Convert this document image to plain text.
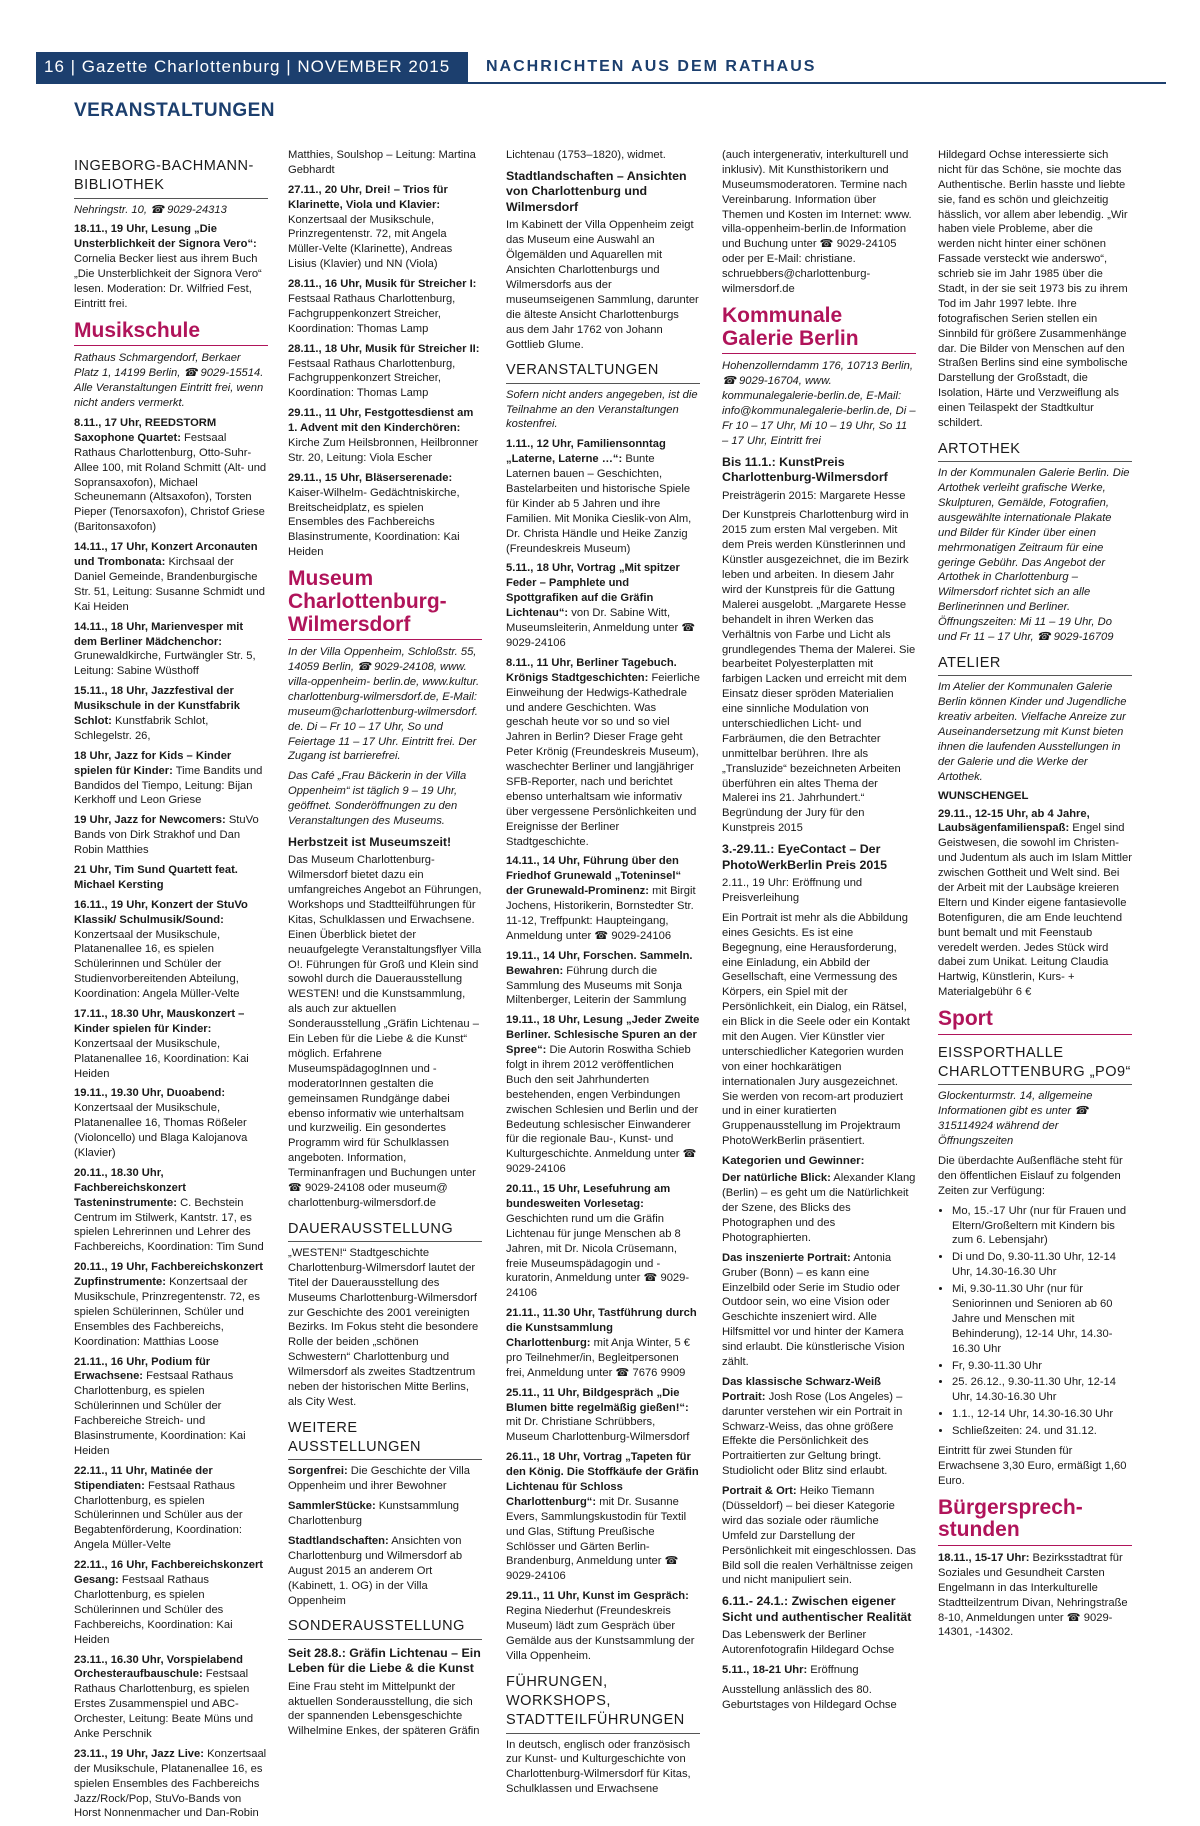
16 | Gazette Charlottenburg | NOVEMBER 2015	NACHRICHTEN AUS DEM RATHAUS
VERANSTALTUNGEN
INGEBORG-BACHMANN-BIBLIOTHEK

Nehringstr. 10, ☎ 9029-24313

18.11., 19 Uhr, Lesung „Die Unsterblichkeit der Signora Vero“: Cornelia Becker liest aus ihrem Buch „Die Unsterblichkeit der Signora Vero“ lesen. Moderation: Dr. Wilfried Fest, Eintritt frei.

Musikschule

Rathaus Schmargendorf, Berkaer Platz 1, 14199 Berlin, ☎ 9029-15514. Alle Veranstaltungen Eintritt frei, wenn nicht anders vermerkt.

8.11., 17 Uhr, REEDSTORM Saxophone Quartet: Festsaal Rathaus Charlottenburg, Otto-Suhr-Allee 100, mit Roland Schmitt (Alt- und Sopransaxofon), Michael Scheunemann (Altsaxofon), Torsten Pieper (Tenorsaxofon), Christof Griese (Baritonsaxofon)

14.11., 17 Uhr, Konzert Arconauten und Trombonata: Kirchsaal der Daniel Gemeinde, Brandenburgische Str. 51, Leitung: Susanne Schmidt und Kai Heiden

14.11., 18 Uhr, Marienvesper mit dem Berliner Mädchenchor: Grunewaldkirche, Furtwängler Str. 5, Leitung: Sabine Wüsthoff

15.11., 18 Uhr, Jazzfestival der Musikschule in der Kunstfabrik Schlot: Kunstfabrik Schlot, Schlegelstr. 26,

18 Uhr, Jazz for Kids – Kinder spielen für Kinder: Time Bandits und Bandidos del Tiempo, Leitung: Bijan Kerkhoff und Leon Griese

19 Uhr, Jazz for Newcomers: StuVo Bands von Dirk Strakhof und Dan Robin Matthies

21 Uhr, Tim Sund Quartett feat. Michael Kersting

16.11., 19 Uhr, Konzert der StuVo Klassik/ Schulmusik/Sound: Konzertsaal der Musikschule, Platanenallee 16, es spielen Schülerinnen und Schüler der Studienvorbereitenden Abteilung, Koordination: Angela Müller-Velte

17.11., 18.30 Uhr, Mauskonzert – Kinder spielen für Kinder: Konzertsaal der Musikschule, Platanenallee 16, Koordination: Kai Heiden

19.11., 19.30 Uhr, Duoabend: Konzertsaal der Musikschule, Platanenallee 16, Thomas Rößeler (Violoncello) und Blaga Kalojanova (Klavier)

20.11., 18.30 Uhr, Fachbereichskonzert Tasteninstrumente: C. Bechstein Centrum im Stilwerk, Kantstr. 17, es spielen Lehrerinnen und Lehrer des Fachbereichs, Koordination: Tim Sund

20.11., 19 Uhr, Fachbereichskonzert Zupfinstrumente: Konzertsaal der Musikschule, Prinzregentenstr. 72, es spielen Schülerinnen, Schüler und Ensembles des Fachbereichs, Koordination: Matthias Loose

21.11., 16 Uhr, Podium für Erwachsene: Festsaal Rathaus Charlottenburg, es spielen Schülerinnen und Schüler der Fachbereiche Streich- und Blasinstrumente, Koordination: Kai Heiden

22.11., 11 Uhr, Matinée der Stipendiaten: Festsaal Rathaus Charlottenburg, es spielen Schülerinnen und Schüler aus der Begabtenförderung, Koordination: Angela Müller-Velte

22.11., 16 Uhr, Fachbereichskonzert Gesang: Festsaal Rathaus Charlottenburg, es spielen Schülerinnen und Schüler des Fachbereichs, Koordination: Kai Heiden

23.11., 16.30 Uhr, Vorspielabend Orchesteraufbauschule: Festsaal Rathaus Charlottenburg, es spielen Erstes Zusammenspiel und ABC-Orchester, Leitung: Beate Müns und Anke Perschnik

23.11., 19 Uhr, Jazz Live: Konzertsaal der Musikschule, Platanenallee 16, es spielen Ensembles des Fachbereichs Jazz/Rock/Pop, StuVo-Bands von Horst Nonnenmacher und Dan-Robin

Matthies, Soulshop – Leitung: Martina Gebhardt

27.11., 20 Uhr, Drei! – Trios für Klarinette, Viola und Klavier: Konzertsaal der Musikschule, Prinzregentenstr. 72, mit Angela Müller-Velte (Klarinette), Andreas Lisius (Klavier) und NN (Viola)

28.11., 16 Uhr, Musik für Streicher I: Festsaal Rathaus Charlottenburg, Fachgruppenkonzert Streicher, Koordination: Thomas Lamp

28.11., 18 Uhr, Musik für Streicher II: Festsaal Rathaus Charlottenburg, Fachgruppenkonzert Streicher, Koordination: Thomas Lamp

29.11., 11 Uhr, Festgottesdienst am 1. Advent mit den Kinderchören: Kirche Zum Heilsbronnen, Heilbronner Str. 20, Leitung: Viola Escher

29.11., 15 Uhr, Bläserserenade: Kaiser-Wilhelm- Gedächtniskirche, Breitscheidplatz, es spielen Ensembles des Fachbereichs Blasinstrumente, Koordination: Kai Heiden

Museum Charlottenburg-Wilmersdorf

In der Villa Oppenheim, Schloßstr. 55, 14059 Berlin, ☎ 9029-24108, www. villa-oppenheim- berlin.de, www.kultur. charlottenburg-wilmersdorf.de, E-Mail: museum@charlottenburg-wilmersdorf. de. Di – Fr 10 – 17 Uhr, So und Feiertage 11 – 17 Uhr. Eintritt frei. Der Zugang ist barrierefrei.

Das Café „Frau Bäckerin in der Villa Oppenheim“ ist täglich 9 – 19 Uhr, geöffnet. Sonderöffnungen zu den Veranstaltungen des Museums.

Herbstzeit ist Museumszeit!

Das Museum Charlottenburg-Wilmersdorf bietet dazu ein umfangreiches Angebot an Führungen, Workshops und Stadtteilführungen für Kitas, Schulklassen und Erwachsene. Einen Überblick bietet der neuaufgelegte Veranstaltungsflyer Villa O!. Führungen für Groß und Klein sind sowohl durch die Dauerausstellung WESTEN! und die Kunstsammlung, als auch zur aktuellen Sonderausstellung „Gräfin Lichtenau – Ein Leben für die Liebe & die Kunst“ möglich. Erfahrene MuseumspädagogInnen und -moderatorInnen gestalten die gemeinsamen Rundgänge dabei ebenso informativ wie unterhaltsam und kurzweilig. Ein gesondertes Programm wird für Schulklassen angeboten. Information, Terminanfragen und Buchungen unter ☎ 9029-24108 oder museum@ charlottenburg-wilmersdorf.de

DAUERAUSSTELLUNG

„WESTEN!“ Stadtgeschichte Charlottenburg-Wilmersdorf lautet der Titel der Dauerausstellung des Museums Charlottenburg-Wilmersdorf zur Geschichte des 2001 vereinigten Bezirks. Im Fokus steht die besondere Rolle der beiden „schönen Schwestern“ Charlottenburg und Wilmersdorf als zweites Stadtzentrum neben der historischen Mitte Berlins, als City West.

WEITERE AUSSTELLUNGEN

Sorgenfrei: Die Geschichte der Villa Oppenheim und ihrer Bewohner

SammlerStücke: Kunstsammlung Charlottenburg

Stadtlandschaften: Ansichten von Charlottenburg und Wilmersdorf ab August 2015 an anderem Ort (Kabinett, 1. OG) in der Villa Oppenheim

SONDERAUSSTELLUNG
Seit 28.8.: Gräfin Lichtenau – Ein Leben für die Liebe & die Kunst

Eine Frau steht im Mittelpunkt der aktuellen Sonderausstellung, die sich der spannenden Lebensgeschichte Wilhelmine Enkes, der späteren Gräfin

Lichtenau (1753–1820), widmet.

Stadtlandschaften – Ansichten von Charlottenburg und Wilmersdorf

Im Kabinett der Villa Oppenheim zeigt das Museum eine Auswahl an Ölgemälden und Aquarellen mit Ansichten Charlottenburgs und Wilmersdorfs aus der museumseigenen Sammlung, darunter die älteste Ansicht Charlottenburgs aus dem Jahr 1762 von Johann Gottlieb Glume.

VERANSTALTUNGEN

Sofern nicht anders angegeben, ist die Teilnahme an den Veranstaltungen kostenfrei.

1.11., 12 Uhr, Familiensonntag „Laterne, Laterne …“: Bunte Laternen bauen – Geschichten, Bastelarbeiten und historische Spiele für Kinder ab 5 Jahren und ihre Familien. Mit Monika Cieslik-von Alm, Dr. Christa Händle und Heike Zanzig (Freundeskreis Museum)

5.11., 18 Uhr, Vortrag „Mit spitzer Feder – Pamphlete und Spottgrafiken auf die Gräfin Lichtenau“: von Dr. Sabine Witt, Museumsleiterin, Anmeldung unter ☎ 9029-24106

8.11., 11 Uhr, Berliner Tagebuch. Krönigs Stadtgeschichten: Feierliche Einweihung der Hedwigs-Kathedrale und andere Geschichten. Was geschah heute vor so und so viel Jahren in Berlin? Dieser Frage geht Peter Krönig (Freundeskreis Museum), waschechter Berliner und langjähriger SFB-Reporter, nach und berichtet ebenso unterhaltsam wie informativ über vergessene Persönlichkeiten und Ereignisse der Berliner Stadtgeschichte.

14.11., 14 Uhr, Führung über den Friedhof Grunewald „Toteninsel“ der Grunewald-Prominenz: mit Birgit Jochens, Historikerin, Bornstedter Str. 11-12, Treffpunkt: Haupteingang, Anmeldung unter ☎ 9029-24106

19.11., 14 Uhr, Forschen. Sammeln. Bewahren: Führung durch die Sammlung des Museums mit Sonja Miltenberger, Leiterin der Sammlung

19.11., 18 Uhr, Lesung „Jeder Zweite Berliner. Schlesische Spuren an der Spree“: Die Autorin Roswitha Schieb folgt in ihrem 2012 veröffentlichen Buch den seit Jahrhunderten bestehenden, engen Verbindungen zwischen Schlesien und Berlin und der Bedeutung schlesischer Einwanderer für die regionale Bau-, Kunst- und Kulturgeschichte. Anmeldung unter ☎ 9029-24106

20.11., 15 Uhr, Lesefuhrung am bundesweiten Vorlesetag: Geschichten rund um die Gräfin Lichtenau für junge Menschen ab 8 Jahren, mit Dr. Nicola Crüsemann, freie Museumspädagogin und -kuratorin, Anmeldung unter ☎ 9029-24106

21.11., 11.30 Uhr, Tastführung durch die Kunstsammlung Charlottenburg: mit Anja Winter, 5 € pro Teilnehmer/in, Begleitpersonen frei, Anmeldung unter ☎ 7676 9909

25.11., 11 Uhr, Bildgespräch „Die Blumen bitte regelmäßig gießen!“: mit Dr. Christiane Schrübbers, Museum Charlottenburg-Wilmersdorf

26.11., 18 Uhr, Vortrag „Tapeten für den König. Die Stoffkäufe der Gräfin Lichtenau für Schloss Charlottenburg“: mit Dr. Susanne Evers, Sammlungskustodin für Textil und Glas, Stiftung Preußische Schlösser und Gärten Berlin-Brandenburg, Anmeldung unter ☎ 9029-24106

29.11., 11 Uhr, Kunst im Gespräch: Regina Niederhut (Freundeskreis Museum) lädt zum Gespräch über Gemälde aus der Kunstsammlung der Villa Oppenheim.

FÜHRUNGEN, WORKSHOPS, STADTTEILFÜHRUNGEN

In deutsch, englisch oder französisch zur Kunst- und Kulturgeschichte von Charlottenburg-Wilmersdorf für Kitas, Schulklassen und Erwachsene

(auch intergenerativ, interkulturell und inklusiv). Mit Kunsthistorikern und Museumsmoderatoren. Termine nach Vereinbarung. Information über Themen und Kosten im Internet: www. villa-oppenheim-berlin.de Information und Buchung unter ☎ 9029-24105 oder per E-Mail: christiane. schruebbers@charlottenburg-wilmersdorf.de

Kommunale Galerie Berlin

Hohenzollerndamm 176, 10713 Berlin, ☎ 9029-16704, www. kommunalegalerie-berlin.de, E-Mail: info@kommunalegalerie-berlin.de, Di – Fr 10 – 17 Uhr, Mi 10 – 19 Uhr, So 11 – 17 Uhr, Eintritt frei

Bis 11.1.: KunstPreis Charlottenburg-Wilmersdorf

Preisträgerin 2015: Margarete Hesse

Der Kunstpreis Charlottenburg wird in 2015 zum ersten Mal vergeben. Mit dem Preis werden Künstlerinnen und Künstler ausgezeichnet, die im Bezirk leben und arbeiten. In diesem Jahr wird der Kunstpreis für die Gattung Malerei ausgelobt. „Margarete Hesse behandelt in ihren Werken das Verhältnis von Farbe und Licht als grundlegendes Thema der Malerei. Sie bearbeitet Polyesterplatten mit farbigen Lacken und erreicht mit dem Einsatz dieser spröden Materialien eine sinnliche Modulation von unterschiedlichen Licht- und Farbräumen, die den Betrachter unmittelbar berühren. Ihre als „Transluzide“ bezeichneten Arbeiten überführen ein altes Thema der Malerei ins 21. Jahrhundert.“ Begründung der Jury für den Kunstpreis 2015

3.-29.11.: EyeContact – Der PhotoWerkBerlin Preis 2015

2.11., 19 Uhr: Eröffnung und Preisverleihung

Ein Portrait ist mehr als die Abbildung eines Gesichts. Es ist eine Begegnung, eine Herausforderung, eine Einladung, ein Abbild der Gesellschaft, eine Vermessung des Körpers, ein Spiel mit der Persönlichkeit, ein Dialog, ein Rätsel, ein Blick in die Seele oder ein Kontakt mit den Augen. Vier Künstler vier unterschiedlicher Kategorien wurden von einer hochkarätigen internationalen Jury ausgezeichnet. Sie werden von recom-art produziert und in einer kuratierten Gruppenausstellung im Projektraum PhotoWerkBerlin präsentiert.

Kategorien und Gewinner:

Der natürliche Blick: Alexander Klang (Berlin) – es geht um die Natürlichkeit der Szene, des Blicks des Photographen und des Photographierten.

Das inszenierte Portrait: Antonia Gruber (Bonn) – es kann eine Einzelbild oder Serie im Studio oder Outdoor sein, wo eine Vision oder Geschichte inszeniert wird. Alle Hilfsmittel vor und hinter der Kamera sind erlaubt. Die künstlerische Vision zählt.

Das klassische Schwarz-Weiß Portrait: Josh Rose (Los Angeles) – darunter verstehen wir ein Portrait in Schwarz-Weiss, das ohne größere Effekte die Persönlichkeit des Portraitierten zur Geltung bringt. Studiolicht oder Blitz sind erlaubt.

Portrait & Ort: Heiko Tiemann (Düsseldorf) – bei dieser Kategorie wird das soziale oder räumliche Umfeld zur Darstellung der Persönlichkeit mit eingeschlossen. Das Bild soll die realen Verhältnisse zeigen und nicht manipuliert sein.

6.11.- 24.1.: Zwischen eigener Sicht und authentischer Realität

Das Lebenswerk der Berliner Autorenfotografin Hildegard Ochse

5.11., 18-21 Uhr: Eröffnung

Ausstellung anlässlich des 80. Geburtstages von Hildegard Ochse

Hildegard Ochse interessierte sich nicht für das Schöne, sie mochte das Authentische. Berlin hasste und liebte sie, fand es schön und gleichzeitig hässlich, vor allem aber lebendig. „Wir haben viele Probleme, aber die werden nicht hinter einer schönen Fassade versteckt wie anderswo“, schrieb sie im Jahr 1985 über die Stadt, in der sie seit 1973 bis zu ihrem Tod im Jahr 1997 lebte. Ihre fotografischen Serien stellen ein Sinnbild für größere Zusammenhänge dar. Die Bilder von Menschen auf den Straßen Berlins sind eine symbolische Darstellung der Großstadt, die Isolation, Härte und Verzweiflung als einen Teilaspekt der Stadtkultur schildert.

ARTOTHEK

In der Kommunalen Galerie Berlin. Die Artothek verleiht grafische Werke, Skulpturen, Gemälde, Fotografien, ausgewählte internationale Plakate und Bilder für Kinder über einen mehrmonatigen Zeitraum für eine geringe Gebühr. Das Angebot der Artothek in Charlottenburg – Wilmersdorf richtet sich an alle Berlinerinnen und Berliner. Öffnungszeiten: Mi 11 – 19 Uhr, Do und Fr 11 – 17 Uhr, ☎ 9029-16709

ATELIER

Im Atelier der Kommunalen Galerie Berlin können Kinder und Jugendliche kreativ arbeiten. Vielfache Anreize zur Auseinandersetzung mit Kunst bieten ihnen die laufenden Ausstellungen in der Galerie und die Werke der Artothek.

WUNSCHENGEL

29.11., 12-15 Uhr, ab 4 Jahre, Laubsägenfamilienspaß: Engel sind Geistwesen, die sowohl im Christen- und Judentum als auch im Islam Mittler zwischen Gottheit und Welt sind. Bei der Arbeit mit der Laubsäge kreieren Eltern und Kinder eigene fantasievolle Botenfiguren, die am Ende leuchtend bunt bemalt und mit Feenstaub veredelt werden. Jedes Stück wird dabei zum Unikat. Leitung Claudia Hartwig, Künstlerin, Kurs- + Materialgebühr 6 €

Sport
EISSPORTHALLE CHARLOTTENBURG „PO9“

Glockenturmstr. 14, allgemeine Informationen gibt es unter ☎ 315114924 während der Öffnungszeiten

Die überdachte Außenfläche steht für den öffentlichen Eislauf zu folgenden Zeiten zur Verfügung:

• Mo, 15.-17 Uhr (nur für Frauen und Eltern/Großeltern mit Kindern bis zum 6. Lebensjahr)
• Di und Do, 9.30-11.30 Uhr, 12-14 Uhr, 14.30-16.30 Uhr
• Mi, 9.30-11.30 Uhr (nur für Seniorinnen und Senioren ab 60 Jahre und Menschen mit Behinderung), 12-14 Uhr, 14.30-16.30 Uhr
• Fr, 9.30-11.30 Uhr
• 25. 26.12., 9.30-11.30 Uhr, 12-14 Uhr, 14.30-16.30 Uhr
• 1.1., 12-14 Uhr, 14.30-16.30 Uhr
• Schließzeiten: 24. und 31.12.

Eintritt für zwei Stunden für Erwachsene 3,30 Euro, ermäßigt 1,60 Euro.

Bürgersprech-stunden

18.11., 15-17 Uhr: Bezirksstadtrat für Soziales und Gesundheit Carsten Engelmann in das Interkulturelle Stadtteilzentrum Divan, Nehringstraße 8-10, Anmeldungen unter ☎ 9029-14301, -14302.
